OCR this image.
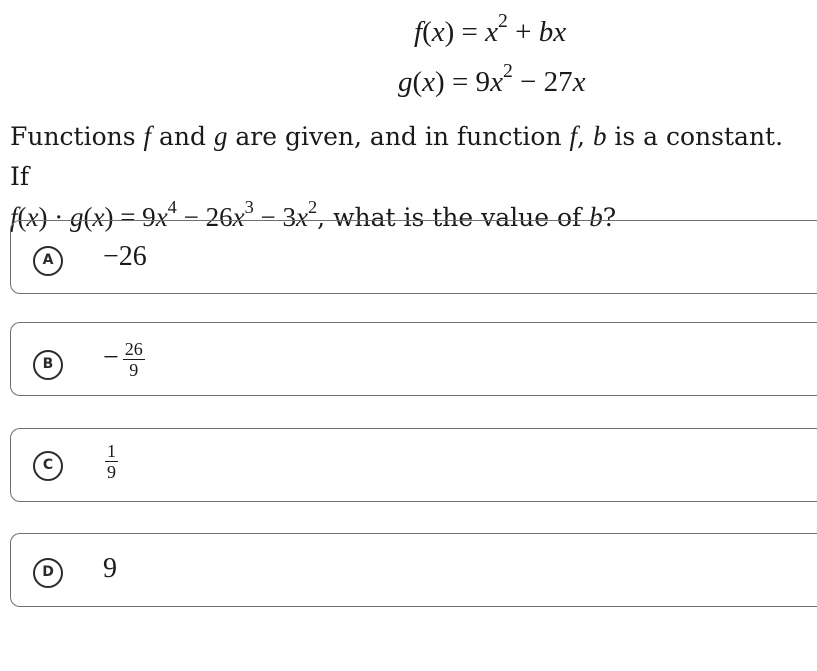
$f(x) = x^2$ + bx
$g(x) = 9x^2 - 27x$
Functions f and g are given, and in function f, b is a constant. If
$f(x) \cdot g(x) = 9x^4 - 26x^3 - 3x^2$, what is the value of b?
A	−26
B	− $\frac{26}{9}$
C	$\frac{1}{9}$
D	9
